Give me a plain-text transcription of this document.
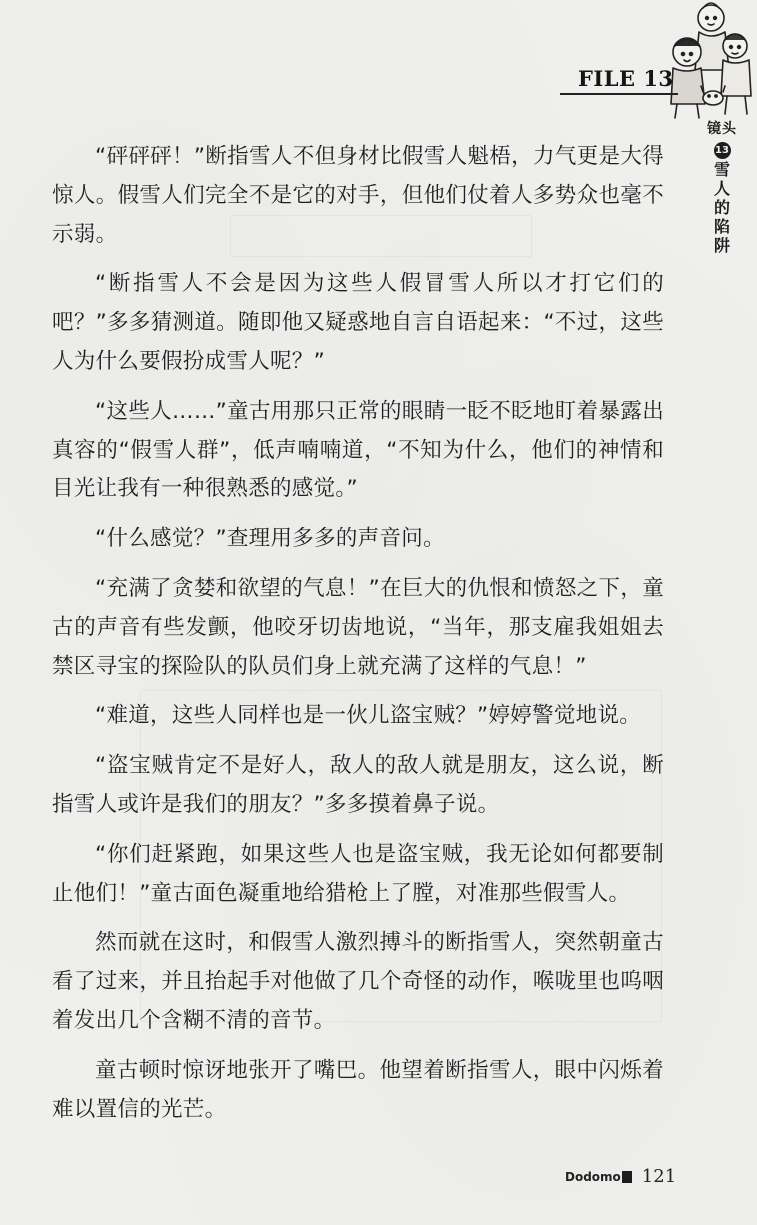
FILE 13
镜头
13
雪
人
的
陷
阱

“砰砰砰！”断指雪人不但身材比假雪人魁梧，力气更是大得惊人。假雪人们完全不是它的对手，但他们仗着人多势众也毫不示弱。

“断指雪人不会是因为这些人假冒雪人所以才打它们的吧？”多多猜测道。随即他又疑惑地自言自语起来：“不过，这些人为什么要假扮成雪人呢？”

“这些人……”童古用那只正常的眼睛一眨不眨地盯着暴露出真容的“假雪人群”，低声喃喃道，“不知为什么，他们的神情和目光让我有一种很熟悉的感觉。”

“什么感觉？”查理用多多的声音问。

“充满了贪婪和欲望的气息！”在巨大的仇恨和愤怒之下，童古的声音有些发颤，他咬牙切齿地说，“当年，那支雇我姐姐去禁区寻宝的探险队的队员们身上就充满了这样的气息！”

“难道，这些人同样也是一伙儿盗宝贼？”婷婷警觉地说。

“盗宝贼肯定不是好人，敌人的敌人就是朋友，这么说，断指雪人或许是我们的朋友？”多多摸着鼻子说。

“你们赶紧跑，如果这些人也是盗宝贼，我无论如何都要制止他们！”童古面色凝重地给猎枪上了膛，对准那些假雪人。

然而就在这时，和假雪人激烈搏斗的断指雪人，突然朝童古看了过来，并且抬起手对他做了几个奇怪的动作，喉咙里也呜咽着发出几个含糊不清的音节。

童古顿时惊讶地张开了嘴巴。他望着断指雪人，眼中闪烁着难以置信的光芒。

Dodomo 121
